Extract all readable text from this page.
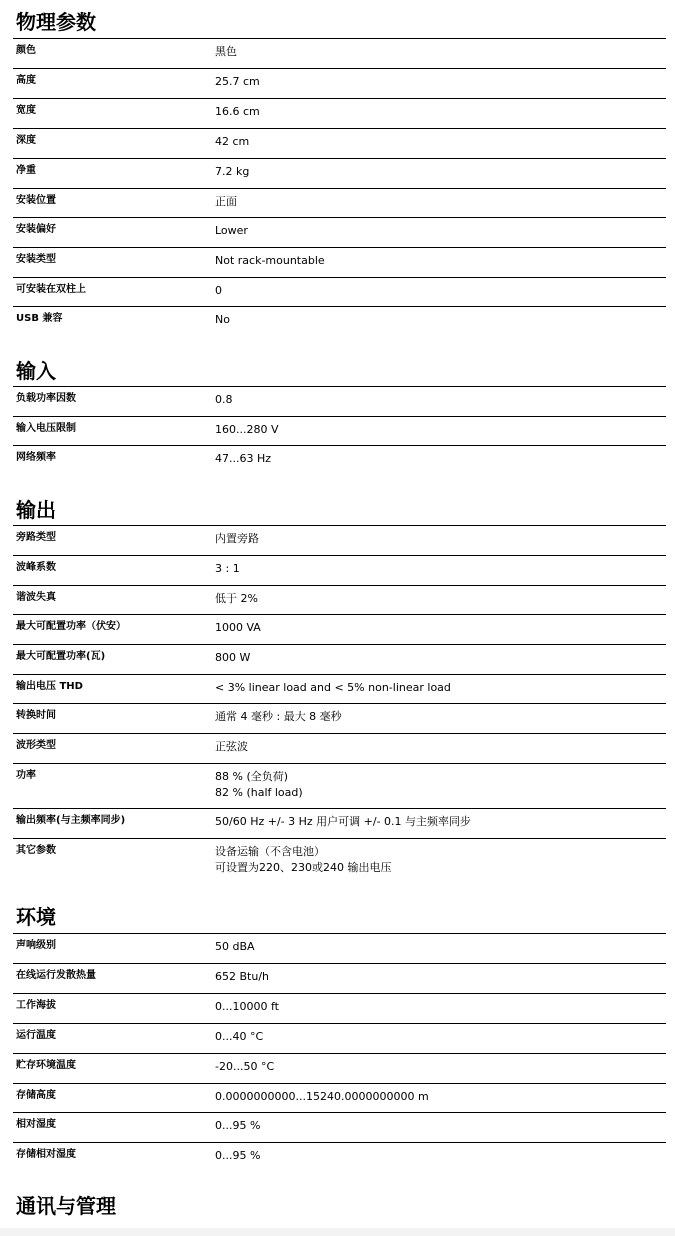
物理参数
颜色	黑色
高度	25.7 cm
宽度	16.6 cm
深度	42 cm
净重	7.2 kg
安装位置	正面
安装偏好	Lower
安装类型	Not rack-mountable
可安装在双柱上	0
USB 兼容	No
输入
负载功率因数	0.8
输入电压限制	160...280 V
网络频率	47...63 Hz
输出
旁路类型	内置旁路
波峰系数	3 : 1
谐波失真	低于 2%
最大可配置功率（伏安）	1000 VA
最大可配置功率(瓦)	800 W
输出电压 THD	< 3% linear load and < 5% non-linear load
转换时间	通常 4 毫秒 : 最大 8 毫秒
波形类型	正弦波
功率	88 % (全负荷)
82 % (half load)
输出频率(与主频率同步)	50/60 Hz +/- 3 Hz 用户可调 +/- 0.1 与主频率同步
其它参数	设备运输（不含电池）
可设置为220、230或240 输出电压
环境
声响级别	50 dBA
在线运行发散热量	652 Btu/h
工作海拔	0...10000 ft
运行温度	0...40 °C
贮存环境温度	-20...50 °C
存储高度	0.0000000000...15240.0000000000 m
相对湿度	0...95 %
存储相对湿度	0...95 %
通讯与管理
